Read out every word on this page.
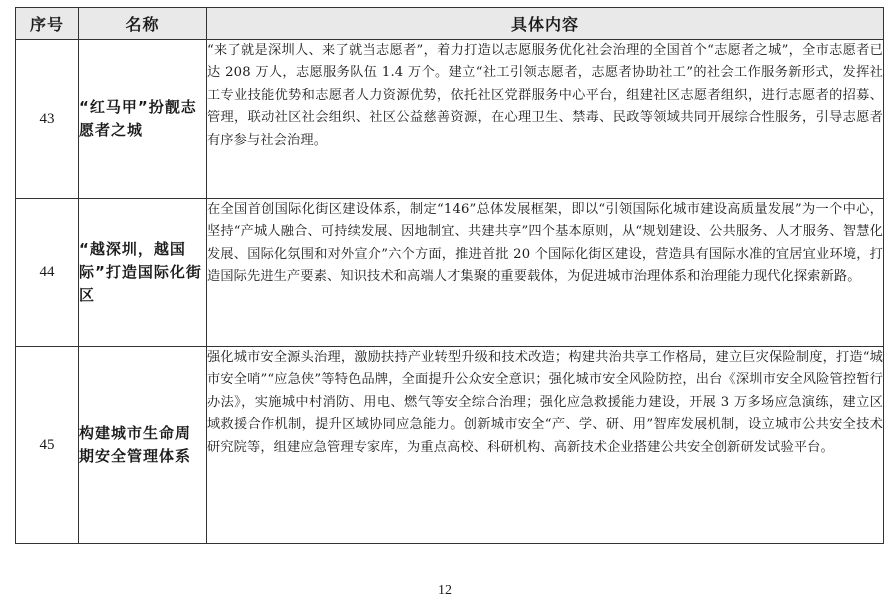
序号	名称	具体内容
43	“红马甲”扮靓志愿者之城	“来了就是深圳人、来了就当志愿者”，着力打造以志愿服务优化社会治理的全国首个“志愿者之城”，全市志愿者已达 208 万人，志愿服务队伍 1.4 万个。建立“社工引领志愿者，志愿者协助社工”的社会工作服务新形式，发挥社工专业技能优势和志愿者人力资源优势，依托社区党群服务中心平台，组建社区志愿者组织，进行志愿者的招募、管理，联动社区社会组织、社区公益慈善资源，在心理卫生、禁毒、民政等领域共同开展综合性服务，引导志愿者有序参与社会治理。
44	“越深圳，越国际”打造国际化街区	在全国首创国际化街区建设体系，制定“146”总体发展框架，即以“引领国际化城市建设高质量发展”为一个中心，坚持“产城人融合、可持续发展、因地制宜、共建共享”四个基本原则，从“规划建设、公共服务、人才服务、智慧化发展、国际化氛围和对外宣介”六个方面，推进首批 20 个国际化街区建设，营造具有国际水准的宜居宜业环境，打造国际先进生产要素、知识技术和高端人才集聚的重要载体，为促进城市治理体系和治理能力现代化探索新路。
45	构建城市生命周期安全管理体系	强化城市安全源头治理，激励扶持产业转型升级和技术改造；构建共治共享工作格局，建立巨灾保险制度，打造“城市安全哨”“应急侠”等特色品牌，全面提升公众安全意识；强化城市安全风险防控，出台《深圳市安全风险管控暂行办法》，实施城中村消防、用电、燃气等安全综合治理；强化应急救援能力建设，开展 3 万多场应急演练，建立区域救援合作机制，提升区域协同应急能力。创新城市安全“产、学、研、用”智库发展机制，设立城市公共安全技术研究院等，组建应急管理专家库，为重点高校、科研机构、高新技术企业搭建公共安全创新研发试验平台。
12
